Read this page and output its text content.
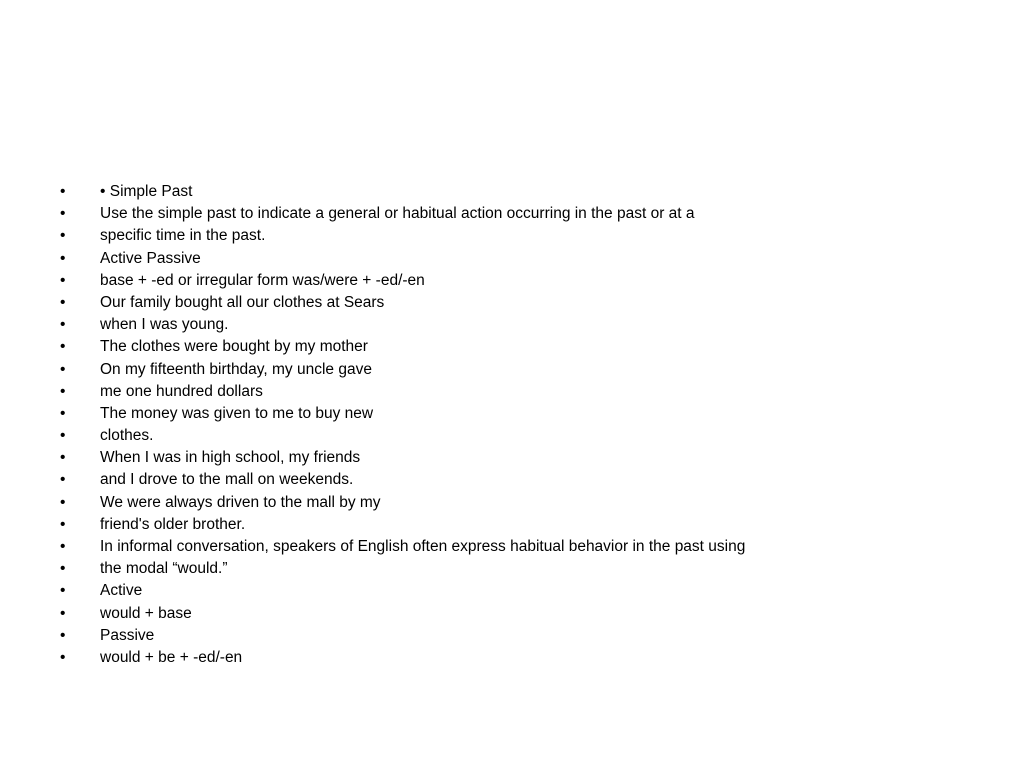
• • Simple Past
• Use the simple past to indicate a general or habitual action occurring in the past or at a
• specific time in the past.
• Active Passive
• base + -ed or irregular form was/were + -ed/-en
• Our family bought all our clothes at Sears
• when I was young.
• The clothes were bought by my mother
• On my fifteenth birthday, my uncle gave
• me one hundred dollars
• The money was given to me to buy new
• clothes.
• When I was in high school, my friends
• and I drove to the mall on weekends.
• We were always driven to the mall by my
• friend's older brother.
• In informal conversation, speakers of English often express habitual behavior in the past using
• the modal “would.”
• Active
• would + base
• Passive
• would + be + -ed/-en
